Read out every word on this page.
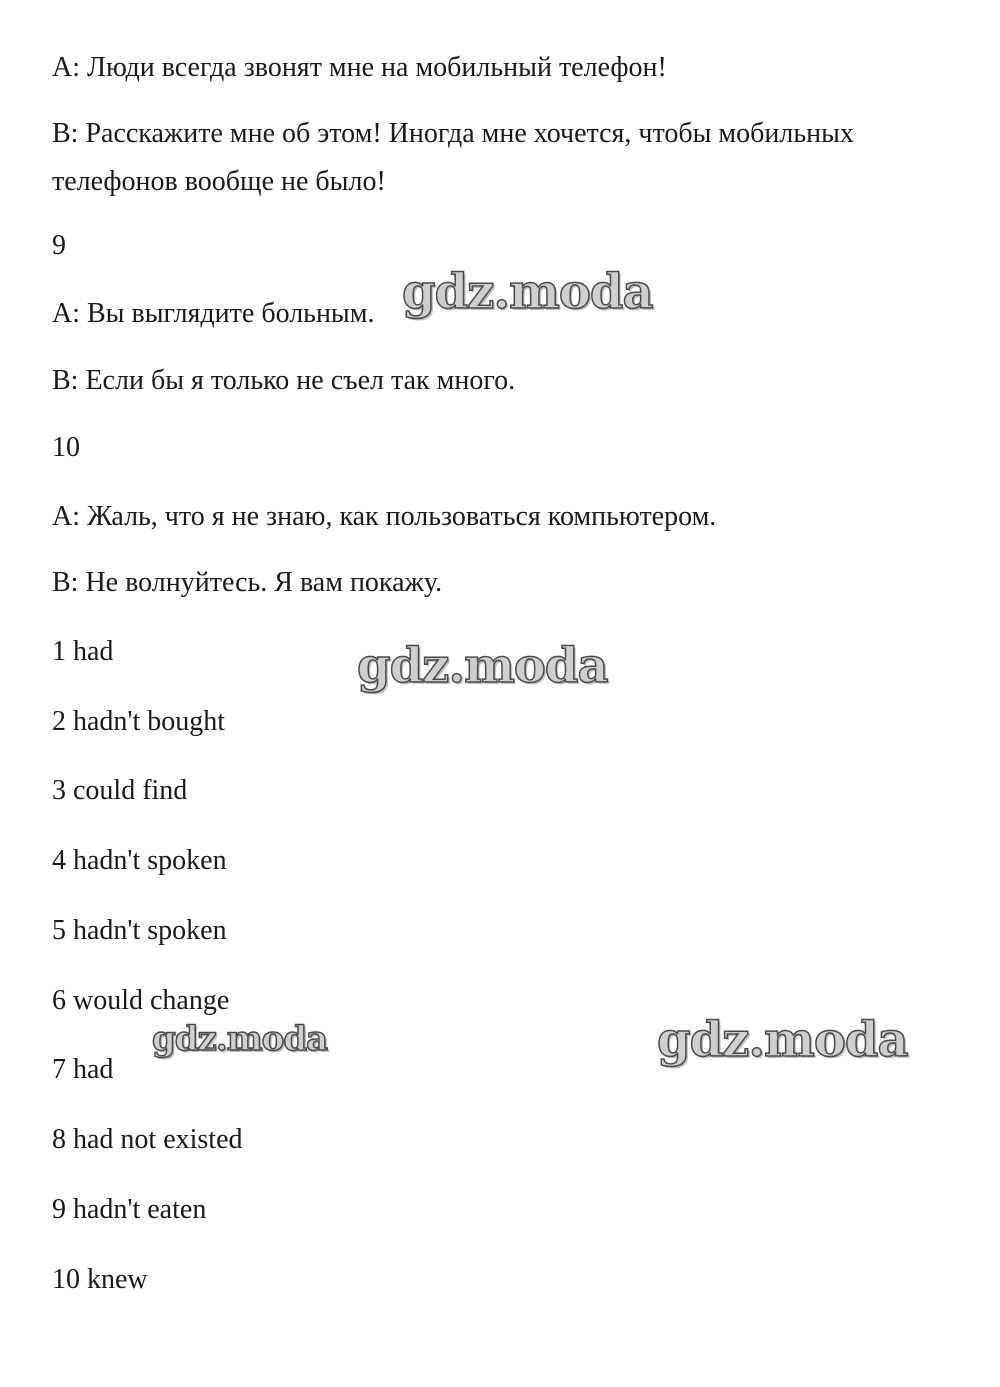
А: Люди всегда звонят мне на мобильный телефон!
В: Расскажите мне об этом! Иногда мне хочется, чтобы мобильных телефонов вообще не было!
9
А: Вы выглядите больным.
В: Если бы я только не съел так много.
10
А: Жаль, что я не знаю, как пользоваться компьютером.
В: Не волнуйтесь. Я вам покажу.
1 had
2 hadn't bought
3 could find
4 hadn't spoken
5 hadn't spoken
6 would change
7 had
8 had not existed
9 hadn't eaten
10 knew
gdz.moda
gdz.moda
gdz.moda	gdz.moda
